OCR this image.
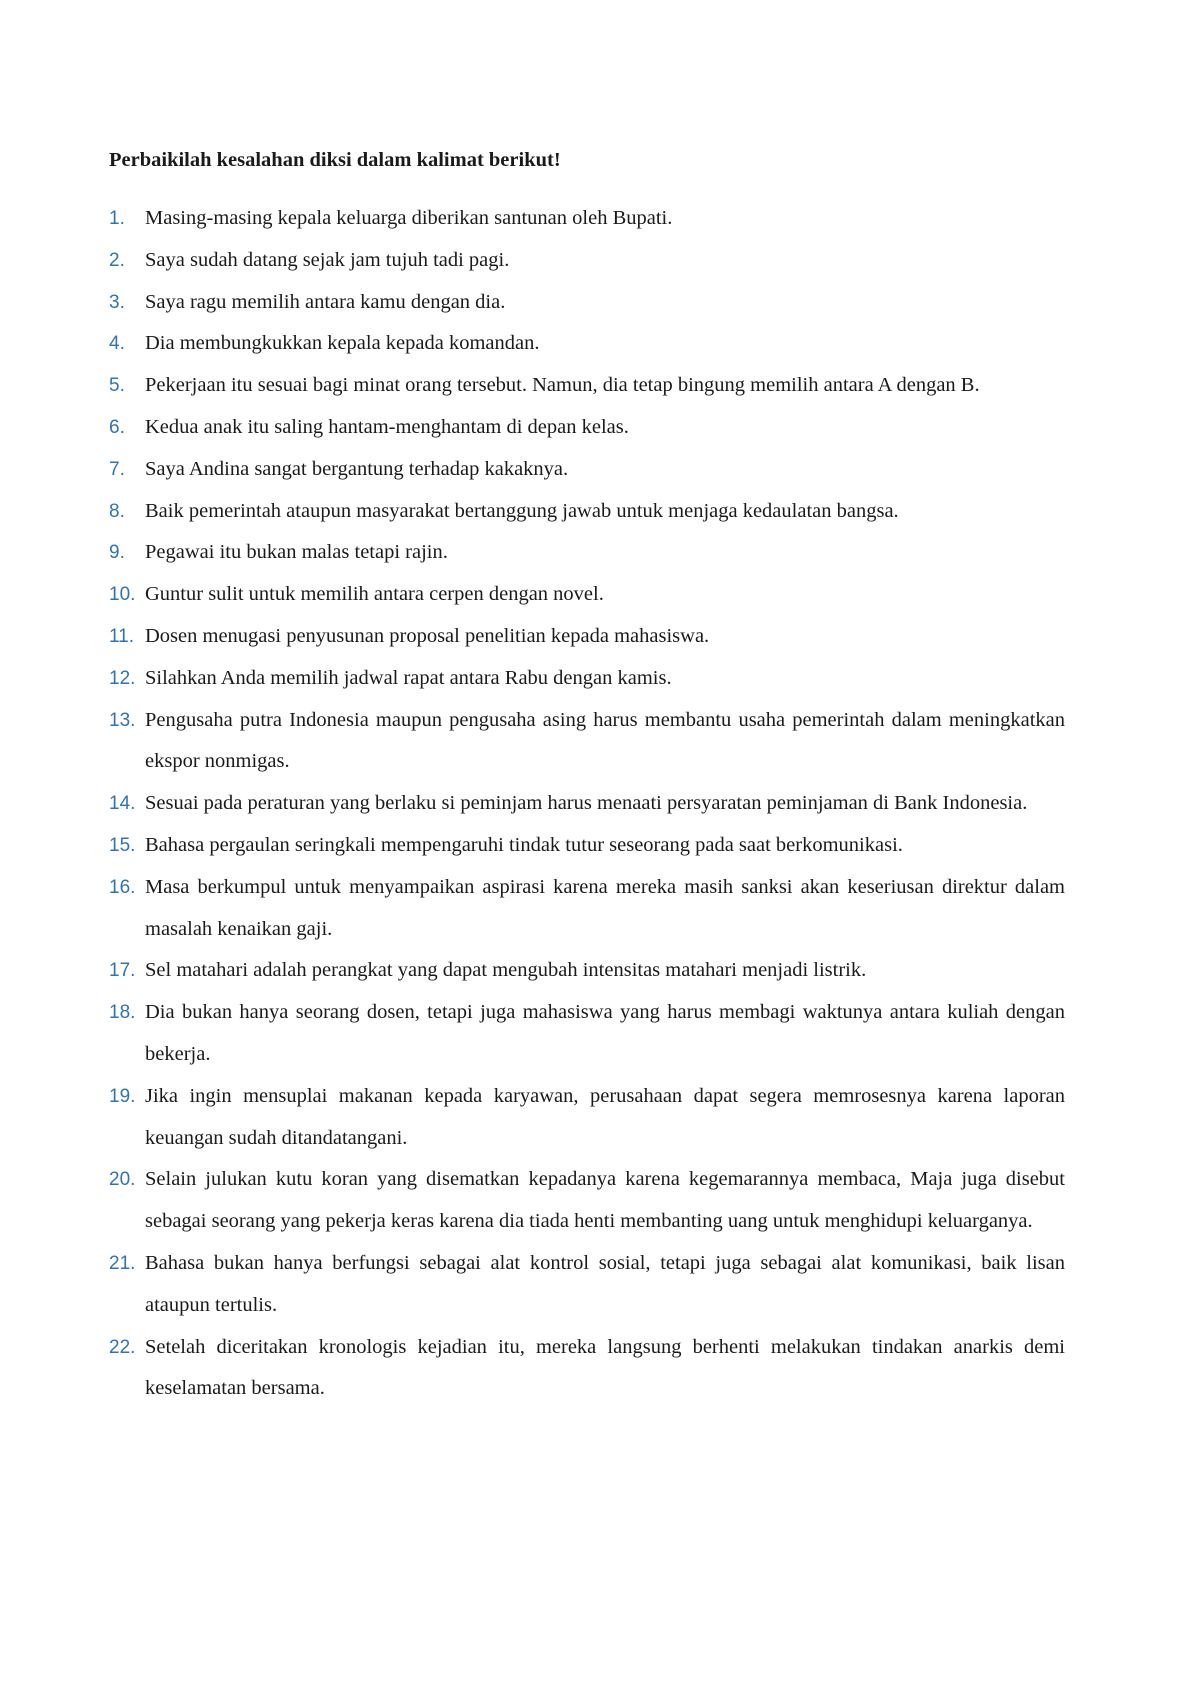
Perbaikilah kesalahan diksi dalam kalimat berikut!

1. Masing-masing kepala keluarga diberikan santunan oleh Bupati.
2. Saya sudah datang sejak jam tujuh tadi pagi.
3. Saya ragu memilih antara kamu dengan dia.
4. Dia membungkukkan kepala kepada komandan.
5. Pekerjaan itu sesuai bagi minat orang tersebut. Namun, dia tetap bingung memilih antara A dengan B.
6. Kedua anak itu saling hantam-menghantam di depan kelas.
7. Saya Andina sangat bergantung terhadap kakaknya.
8. Baik pemerintah ataupun masyarakat bertanggung jawab untuk menjaga kedaulatan bangsa.
9. Pegawai itu bukan malas tetapi rajin.
10. Guntur sulit untuk memilih antara cerpen dengan novel.
11. Dosen menugasi penyusunan proposal penelitian kepada mahasiswa.
12. Silahkan Anda memilih jadwal rapat antara Rabu dengan kamis.
13. Pengusaha putra Indonesia maupun pengusaha asing harus membantu usaha pemerintah dalam meningkatkan ekspor nonmigas.
14. Sesuai pada peraturan yang berlaku si peminjam harus menaati persyaratan peminjaman di Bank Indonesia.
15. Bahasa pergaulan seringkali mempengaruhi tindak tutur seseorang pada saat berkomunikasi.
16. Masa berkumpul untuk menyampaikan aspirasi karena mereka masih sanksi akan keseriusan direktur dalam masalah kenaikan gaji.
17. Sel matahari adalah perangkat yang dapat mengubah intensitas matahari menjadi listrik.
18. Dia bukan hanya seorang dosen, tetapi juga mahasiswa yang harus membagi waktunya antara kuliah dengan bekerja.
19. Jika ingin mensuplai makanan kepada karyawan, perusahaan dapat segera memrosesnya karena laporan keuangan sudah ditandatangani.
20. Selain julukan kutu koran yang disematkan kepadanya karena kegemarannya membaca, Maja juga disebut sebagai seorang yang pekerja keras karena dia tiada henti membanting uang untuk menghidupi keluarganya.
21. Bahasa bukan hanya berfungsi sebagai alat kontrol sosial, tetapi juga sebagai alat komunikasi, baik lisan ataupun tertulis.
22. Setelah diceritakan kronologis kejadian itu, mereka langsung berhenti melakukan tindakan anarkis demi keselamatan bersama.
